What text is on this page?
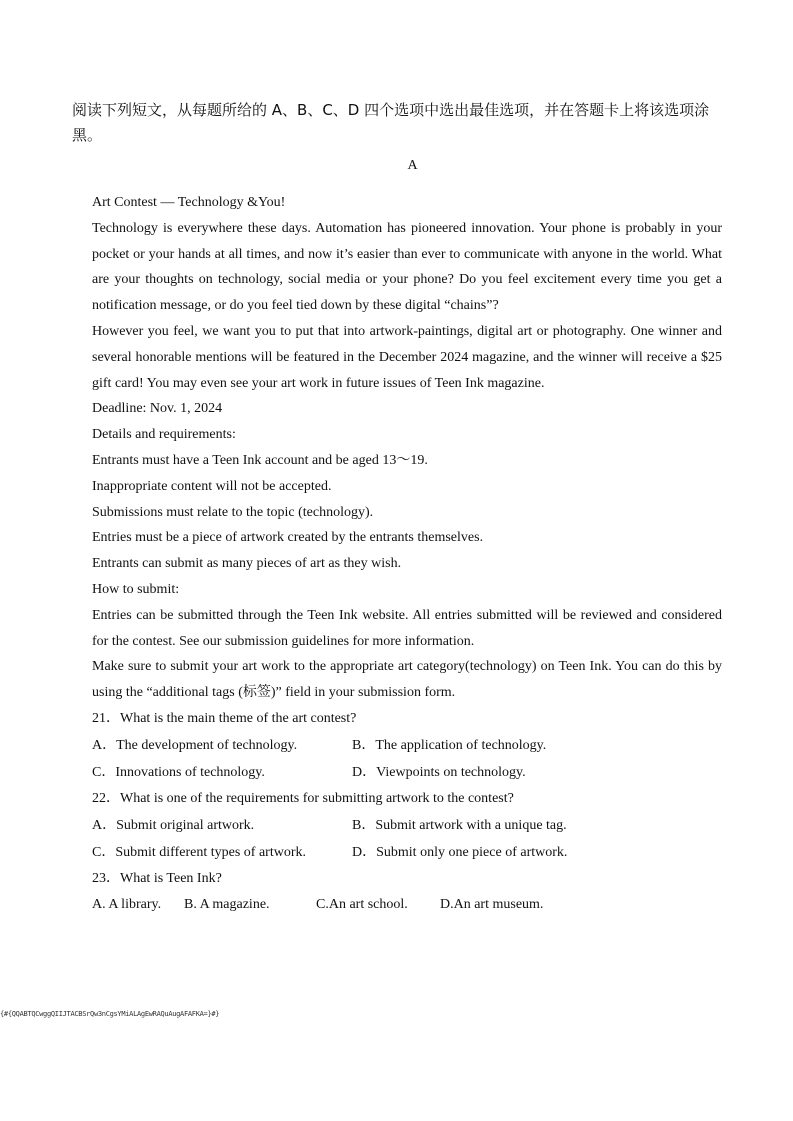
阅读下列短文，从每题所给的 A、B、C、D 四个选项中选出最佳选项，并在答题卡上将该选项涂黑。
A

Art Contest — Technology &You!

Technology is everywhere these days. Automation has pioneered innovation. Your phone is probably in your pocket or your hands at all times, and now it’s easier than ever to communicate with anyone in the world. What are your thoughts on technology, social media or your phone? Do you feel excitement every time you get a notification message, or do you feel tied down by these digital “chains”?

However you feel, we want you to put that into artwork-paintings, digital art or photography. One winner and several honorable mentions will be featured in the December 2024 magazine, and the winner will receive a $25 gift card! You may even see your art work in future issues of Teen Ink magazine.

Deadline: Nov. 1, 2024

Details and requirements:

Entrants must have a Teen Ink account and be aged 13～19.

Inappropriate content will not be accepted.

Submissions must relate to the topic (technology).

Entries must be a piece of artwork created by the entrants themselves.

Entrants can submit as many pieces of art as they wish.

How to submit:

Entries can be submitted through the Teen Ink website. All entries submitted will be reviewed and considered for the contest. See our submission guidelines for more information.

Make sure to submit your art work to the appropriate art category(technology) on Teen Ink. You can do this by using the “additional tags (标签)” field in your submission form.

21．What is the main theme of the art contest?

A．The development of technology.	B．The application of technology.
C．Innovations of technology.	D．Viewpoints on technology.

22．What is one of the requirements for submitting artwork to the contest?

A．Submit original artwork.	B．Submit artwork with a unique tag.
C．Submit different types of artwork.	D．Submit only one piece of artwork.

23．What is Teen Ink?

A. A library.	B. A magazine.	C.An art school.	D.An art museum.
{#{QQABTQCwggQIIJTACBSrQw3nCgsYMiALAgEwRAQuAugAFAFKA=}#}
